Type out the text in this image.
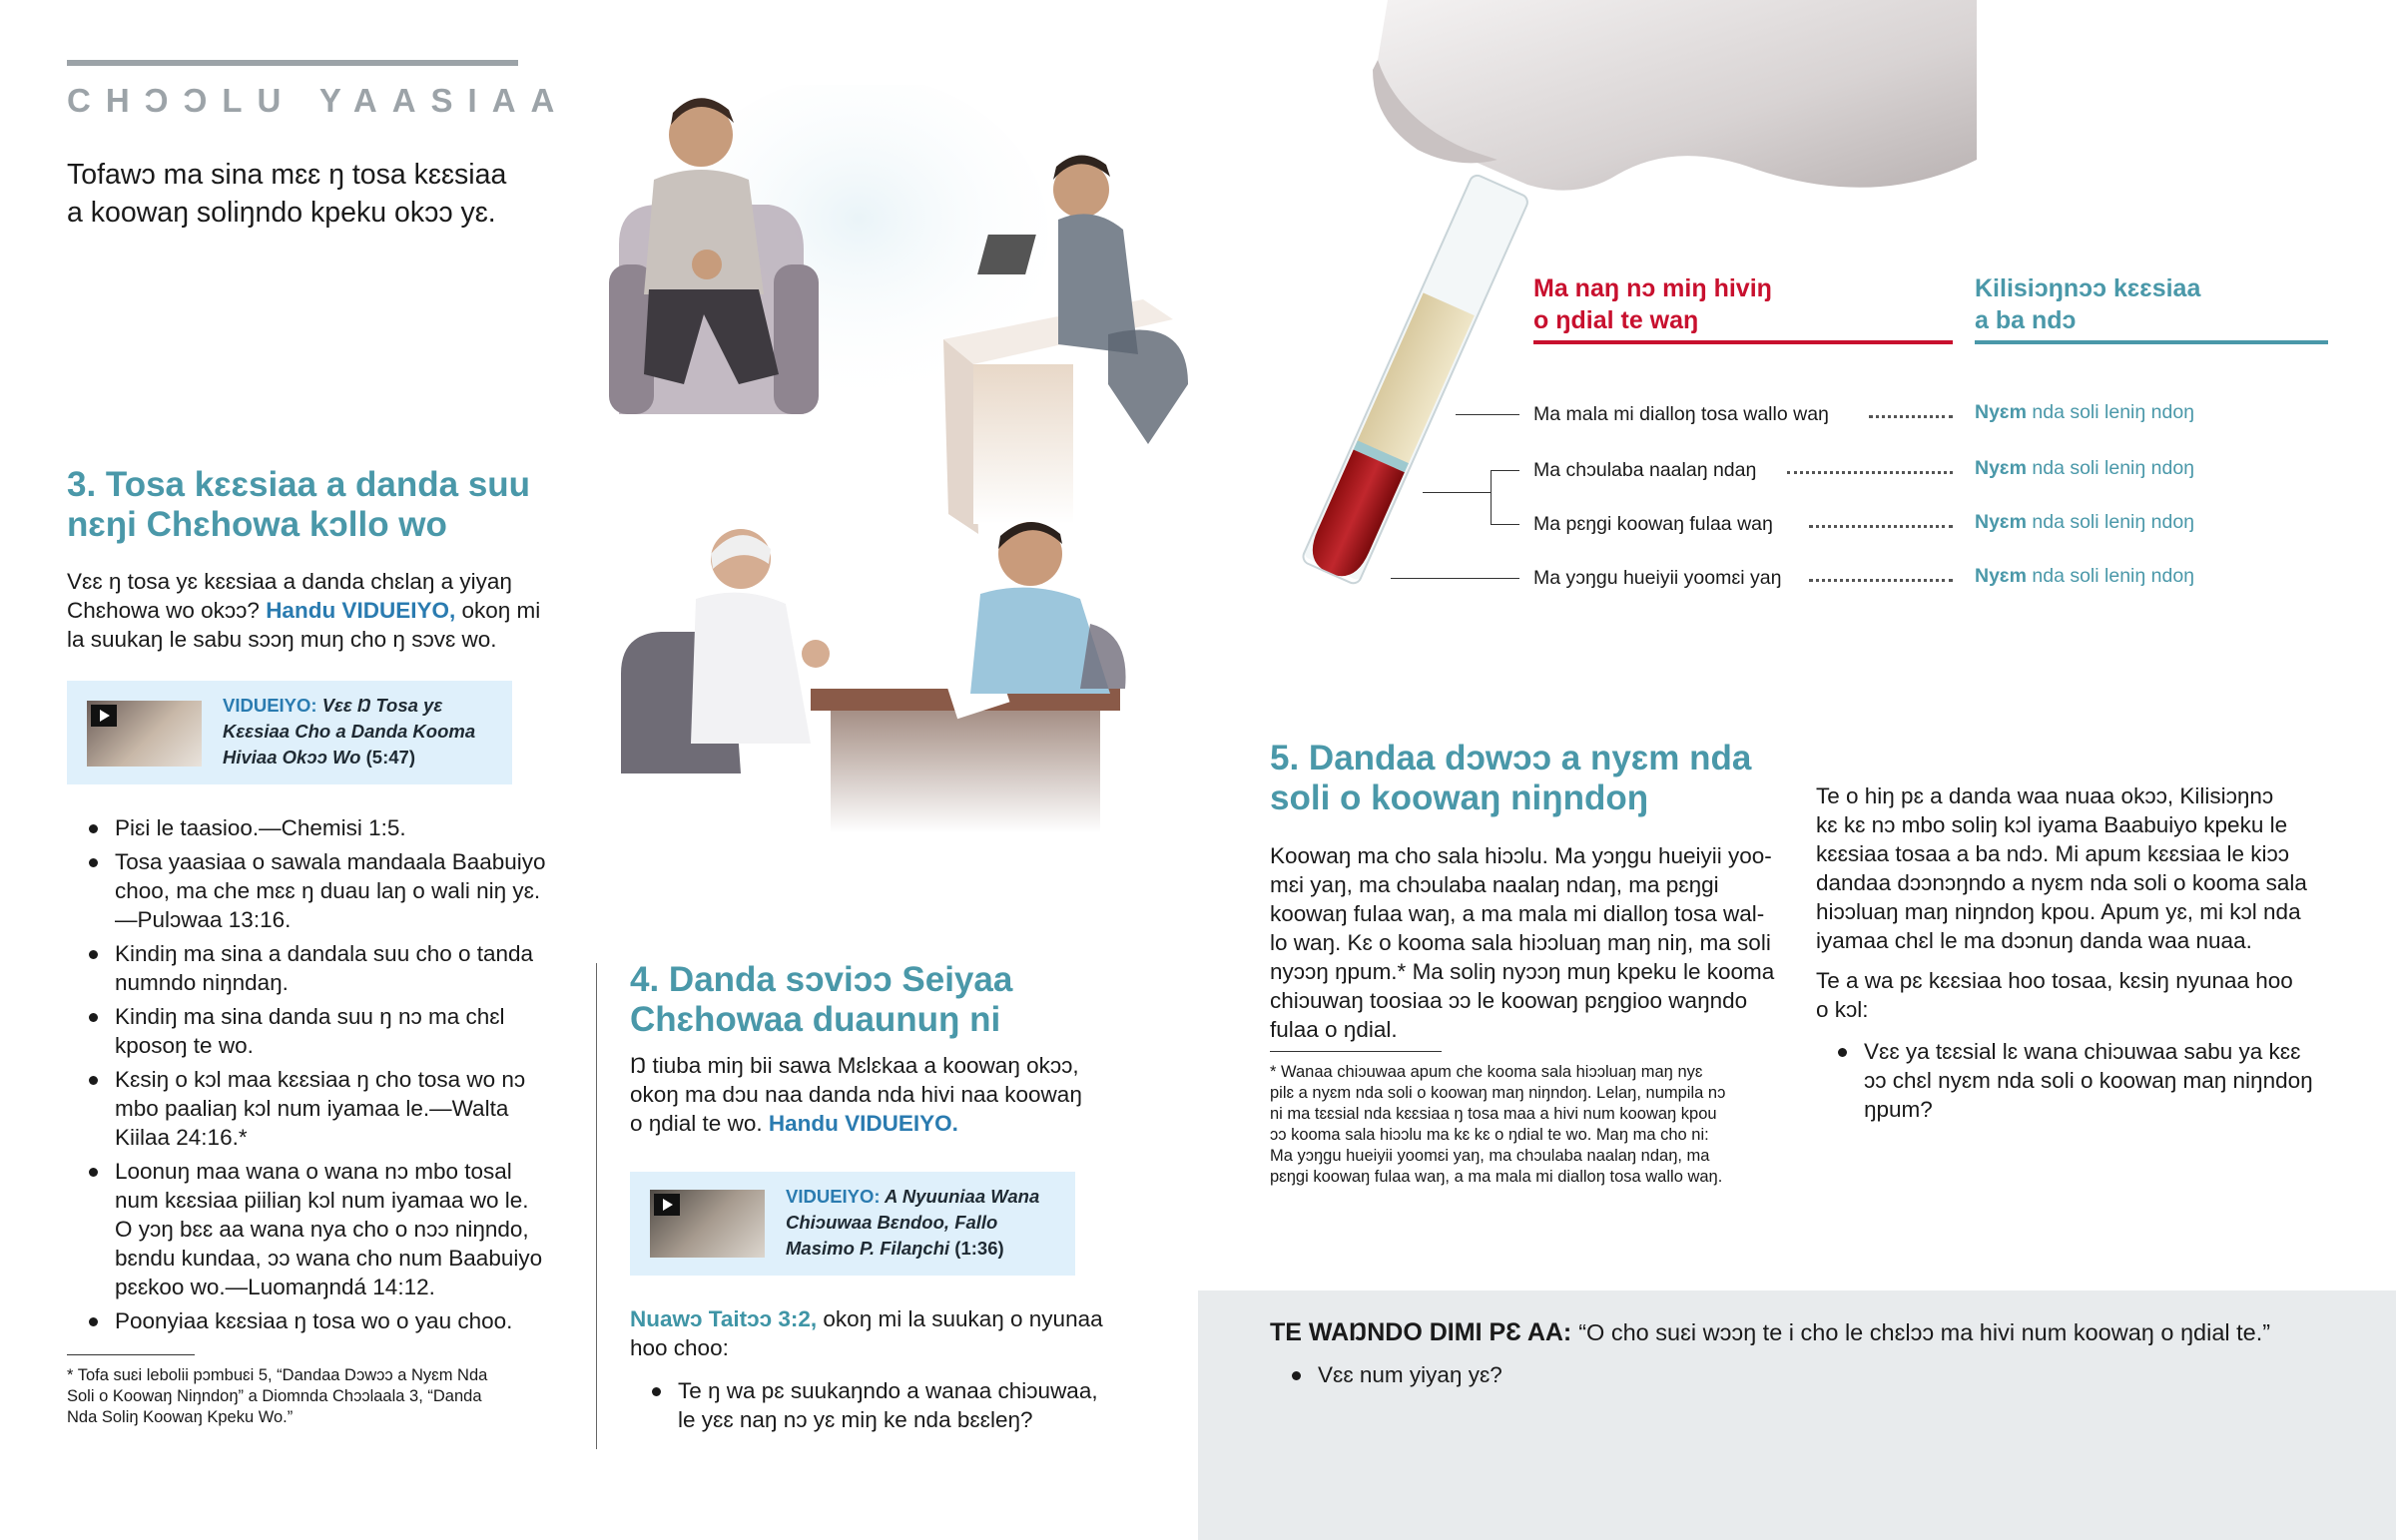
CHƆƆLU YAASIAA
Tofawɔ ma sina mɛɛ ŋ tosa kɛɛsiaa
a koowaŋ soliŋndo kpeku okɔɔ yɛ.
3. Tosa kɛɛsiaa a danda suu
nɛŋi Chɛhowa kɔllo wo

Vɛɛ ŋ tosa yɛ kɛɛsiaa a danda chɛlaŋ a yiyaŋ
Chɛhowa wo okɔɔ? Handu VIDUEIYO, okoŋ mi
la suukaŋ le sabu sɔɔŋ muŋ cho ŋ sɔvɛ wo.

VIDUEIYO: Vɛɛ Ŋ Tosa yɛ
Kɛɛsiaa Cho a Danda Kooma
Hiviaa Okɔɔ Wo (5:47)
Piɛi le taasioo.—Chemisi 1:5.
Tosa yaasiaa o sawala mandaala Baabuiyo
choo, ma che mɛɛ ŋ duau laŋ o wali niŋ yɛ.
—Pulɔwaa 13:16.
Kindiŋ ma sina a dandala suu cho o tanda
numndo niŋndaŋ.
Kindiŋ ma sina danda suu ŋ nɔ ma chɛl
kposoŋ te wo.
Kɛsiŋ o kɔl maa kɛɛsiaa ŋ cho tosa wo nɔ
mbo paaliaŋ kɔl num iyamaa le.—Walta
Kiilaa 24:16.*
Loonuŋ maa wana o wana nɔ mbo tosal
num kɛɛsiaa piiliaŋ kɔl num iyamaa wo le.
O yɔŋ bɛɛ aa wana nya cho o nɔɔ niŋndo,
bɛndu kundaa, ɔɔ wana cho num Baabuiyo
pɛɛkoo wo.—Luomaŋndá 14:12.
Poonyiaa kɛɛsiaa ŋ tosa wo o yau choo.
* Tofa suɛi lebolii pɔmbuɛi 5, “Dandaa Dɔwɔɔ a Nyɛm Nda
Soli o Koowaŋ Niŋndoŋ” a Diomnda Chɔɔlaala 3, “Danda
Nda Soliŋ Koowaŋ Kpeku Wo.”
4. Danda sɔviɔɔ Seiyaa
Chɛhowaa duaunuŋ ni

Ŋ tiuba miŋ bii sawa Mɛlɛkaa a koowaŋ okɔɔ,
okoŋ ma dɔu naa danda nda hivi naa koowaŋ
o ŋdial te wo. Handu VIDUEIYO.

VIDUEIYO: A Nyuuniaa Wana
Chiɔuwaa Bɛndoo, Fallo
Masimo P. Filaŋchi (1:36)

Nuawɔ Taitɔɔ 3:2, okoŋ mi la suukaŋ o nyunaa
hoo choo:

Te ŋ wa pɛ suukaŋndo a wanaa chiɔuwaa,
le yɛɛ naŋ nɔ yɛ miŋ ke nda bɛɛleŋ?
Ma naŋ nɔ miŋ hiviŋ
o ŋdial te waŋ
Kilisiɔŋnɔɔ kɛɛsiaa
a ba ndɔ
Ma mala mi dialloŋ tosa wallo waŋ	Nyɛm nda soli leniŋ ndoŋ
Ma chɔulaba naalaŋ ndaŋ	Nyɛm nda soli leniŋ ndoŋ
Ma pɛŋgi koowaŋ fulaa waŋ	Nyɛm nda soli leniŋ ndoŋ
Ma yɔŋgu hueiyii yoomɛi yaŋ	Nyɛm nda soli leniŋ ndoŋ
5. Dandaa dɔwɔɔ a nyɛm nda
soli o koowaŋ niŋndoŋ

Koowaŋ ma cho sala hiɔɔlu. Ma yɔŋgu hueiyii yoo-
mɛi yaŋ, ma chɔulaba naalaŋ ndaŋ, ma pɛŋgi
koowaŋ fulaa waŋ, a ma mala mi dialloŋ tosa wal-
lo waŋ. Kɛ o kooma sala hiɔɔluaŋ maŋ niŋ, ma soli
nyɔɔŋ ŋpum.* Ma soliŋ nyɔɔŋ muŋ kpeku le kooma
chiɔuwaŋ toosiaa ɔɔ le koowaŋ pɛŋgioo waŋndo
fulaa o ŋdial.

* Wanaa chiɔuwaa apum che kooma sala hiɔɔluaŋ maŋ nyɛ
pilɛ a nyɛm nda soli o koowaŋ maŋ niŋndoŋ. Lelaŋ, numpila nɔ
ni ma tɛɛsial nda kɛɛsiaa ŋ tosa maa a hivi num koowaŋ kpou
ɔɔ kooma sala hiɔɔlu ma kɛ kɛ o ŋdial te wo. Maŋ ma cho ni:
Ma yɔŋgu hueiyii yoomɛi yaŋ, ma chɔulaba naalaŋ ndaŋ, ma
pɛŋgi koowaŋ fulaa waŋ, a ma mala mi dialloŋ tosa wallo waŋ.

Te o hiŋ pɛ a danda waa nuaa okɔɔ, Kilisiɔŋnɔ
kɛ kɛ nɔ mbo soliŋ kɔl iyama Baabuiyo kpeku le
kɛɛsiaa tosaa a ba ndɔ. Mi apum kɛɛsiaa le kiɔɔ
dandaa dɔɔnɔŋndo a nyɛm nda soli o kooma sala
hiɔɔluaŋ maŋ niŋndoŋ kpou. Apum yɛ, mi kɔl nda
iyamaa chɛl le ma dɔɔnuŋ danda waa nuaa.

Te a wa pɛ kɛɛsiaa hoo tosaa, kɛsiŋ nyunaa hoo
o kɔl:

Vɛɛ ya tɛɛsial lɛ wana chiɔuwaa sabu ya kɛɛ
ɔɔ chɛl nyɛm nda soli o koowaŋ maŋ niŋndoŋ
ŋpum?
TE WAŊNDO DIMI PƐ AA: “O cho suɛi wɔɔŋ te i cho le chɛlɔɔ ma hivi num koowaŋ o ŋdial te.”
Vɛɛ num yiyaŋ yɛ?
